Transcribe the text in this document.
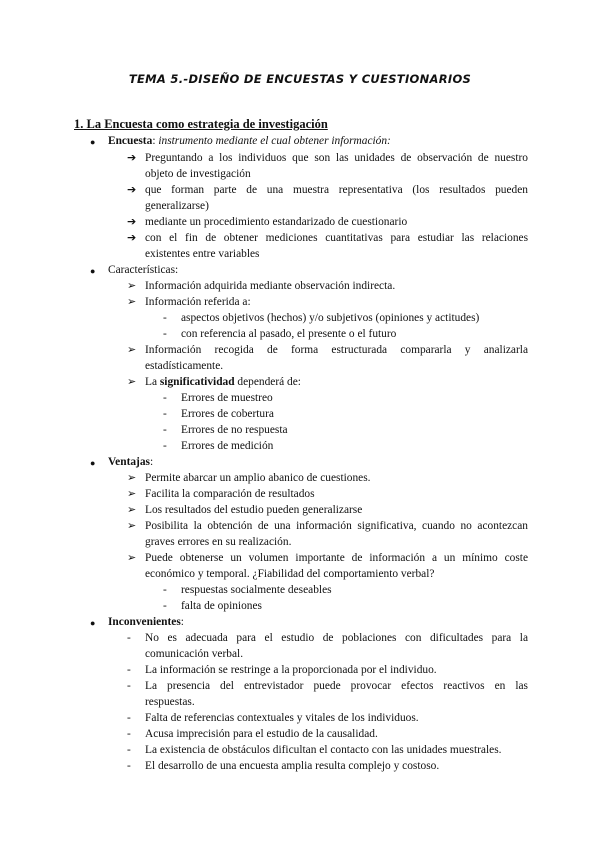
TEMA 5.-DISEÑO DE ENCUESTAS Y CUESTIONARIOS
1. La Encuesta como estrategia de investigación
● Encuesta: instrumento mediante el cual obtener información:
➔ Preguntando a los individuos que son las unidades de observación de nuestro
objeto de investigación
➔ que forman parte de una muestra representativa (los resultados pueden
generalizarse)
➔ mediante un procedimiento estandarizado de cuestionario
➔ con el fin de obtener mediciones cuantitativas para estudiar las relaciones
existentes entre variables
● Características:
➢ Información adquirida mediante observación indirecta.
➢ Información referida a:
- aspectos objetivos (hechos) y/o subjetivos (opiniones y actitudes)
- con referencia al pasado, el presente o el futuro
➢ Información recogida de forma estructurada compararla y analizarla
estadísticamente.
➢ La significatividad dependerá de:
- Errores de muestreo
- Errores de cobertura
- Errores de no respuesta
- Errores de medición
● Ventajas:
➢ Permite abarcar un amplio abanico de cuestiones.
➢ Facilita la comparación de resultados
➢ Los resultados del estudio pueden generalizarse
➢ Posibilita la obtención de una información significativa, cuando no acontezcan
graves errores en su realización.
➢ Puede obtenerse un volumen importante de información a un mínimo coste
económico y temporal. ¿Fiabilidad del comportamiento verbal?
- respuestas socialmente deseables
- falta de opiniones
● Inconvenientes:
- No es adecuada para el estudio de poblaciones con dificultades para la
comunicación verbal.
- La información se restringe a la proporcionada por el individuo.
- La presencia del entrevistador puede provocar efectos reactivos en las
respuestas.
- Falta de referencias contextuales y vitales de los individuos.
- Acusa imprecisión para el estudio de la causalidad.
- La existencia de obstáculos dificultan el contacto con las unidades muestrales.
- El desarrollo de una encuesta amplia resulta complejo y costoso.
